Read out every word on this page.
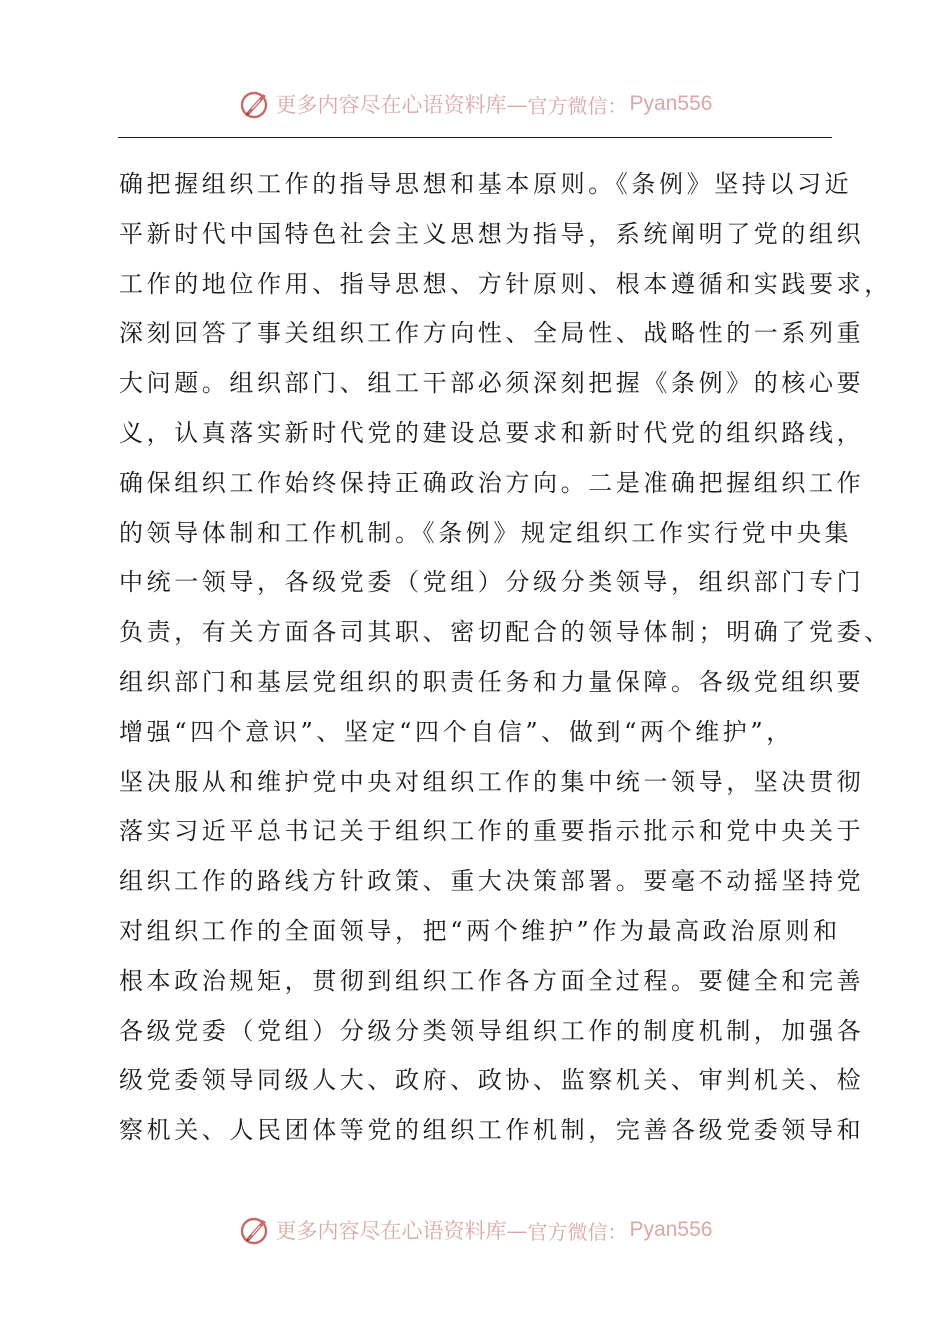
更多内容尽在心语资料库— 官方微信： Pyan556
确把握组织工作的指导思想和基本原则。《条例》坚持以习近
平新时代中国特色社会主义思想为指导，系统阐明了党的组织
工作的地位作用、指导思想、方针原则、根本遵循和实践要求，
深刻回答了事关组织工作方向性、全局性、战略性的一系列重
大问题。组织部门、组工干部必须深刻把握《条例》的核心要
义，认真落实新时代党的建设总要求和新时代党的组织路线，
确保组织工作始终保持正确政治方向。二是准确把握组织工作
的领导体制和工作机制。《条例》规定组织工作实行党中央集
中统一领导，各级党委（党组）分级分类领导，组织部门专门
负责，有关方面各司其职、密切配合的领导体制；明确了党委、
组织部门和基层党组织的职责任务和力量保障。各级党组织要
增强“四个意识”、坚定“四个自信”、做到“两个维护”，
坚决服从和维护党中央对组织工作的集中统一领导，坚决贯彻
落实习近平总书记关于组织工作的重要指示批示和党中央关于
组织工作的路线方针政策、重大决策部署。要毫不动摇坚持党
对组织工作的全面领导，把“两个维护”作为最高政治原则和
根本政治规矩，贯彻到组织工作各方面全过程。要健全和完善
各级党委（党组）分级分类领导组织工作的制度机制，加强各
级党委领导同级人大、政府、政协、监察机关、审判机关、检
察机关、人民团体等党的组织工作机制，完善各级党委领导和
更多内容尽在心语资料库— 官方微信： Pyan556
